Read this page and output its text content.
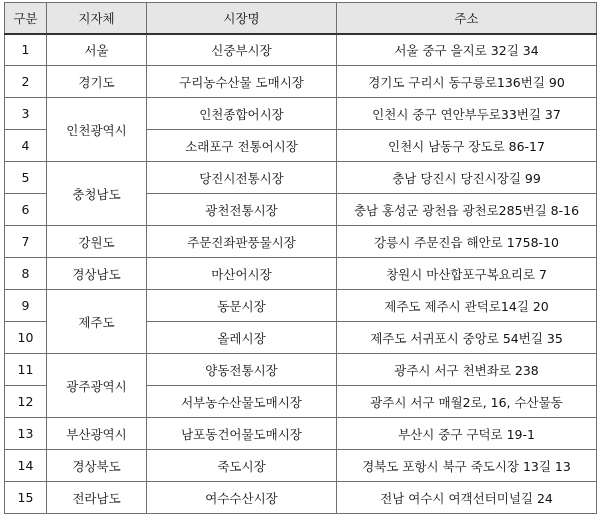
구분	지자체	시장명	주소
1	서울	신중부시장	서울 중구 을지로 32길 34
2	경기도	구리농수산물 도매시장	경기도 구리시 동구릉로136번길 90
3	인천광역시	인천종합어시장	인천시 중구 연안부두로33번길 37
4		소래포구 전통어시장	인천시 남동구 장도로 86-17
5	충청남도	당진시전통시장	충남 당진시 당진시장길 99
6		광천전통시장	충남 홍성군 광천읍 광천로285번길 8-16
7	강원도	주문진좌판풍물시장	강릉시 주문진읍 해안로 1758-10
8	경상남도	마산어시장	창원시 마산합포구복요리로 7
9	제주도	동문시장	제주도 제주시 관덕로14길 20
10		올레시장	제주도 서귀포시 중앙로 54번길 35
11	광주광역시	양동전통시장	광주시 서구 천변좌로 238
12		서부농수산물도매시장	광주시 서구 매월2로, 16, 수산물동
13	부산광역시	남포동건어물도매시장	부산시 중구 구덕로 19-1
14	경상북도	죽도시장	경북도 포항시 북구 죽도시장 13길 13
15	전라남도	여수수산시장	전남 여수시 여객선터미널길 24
